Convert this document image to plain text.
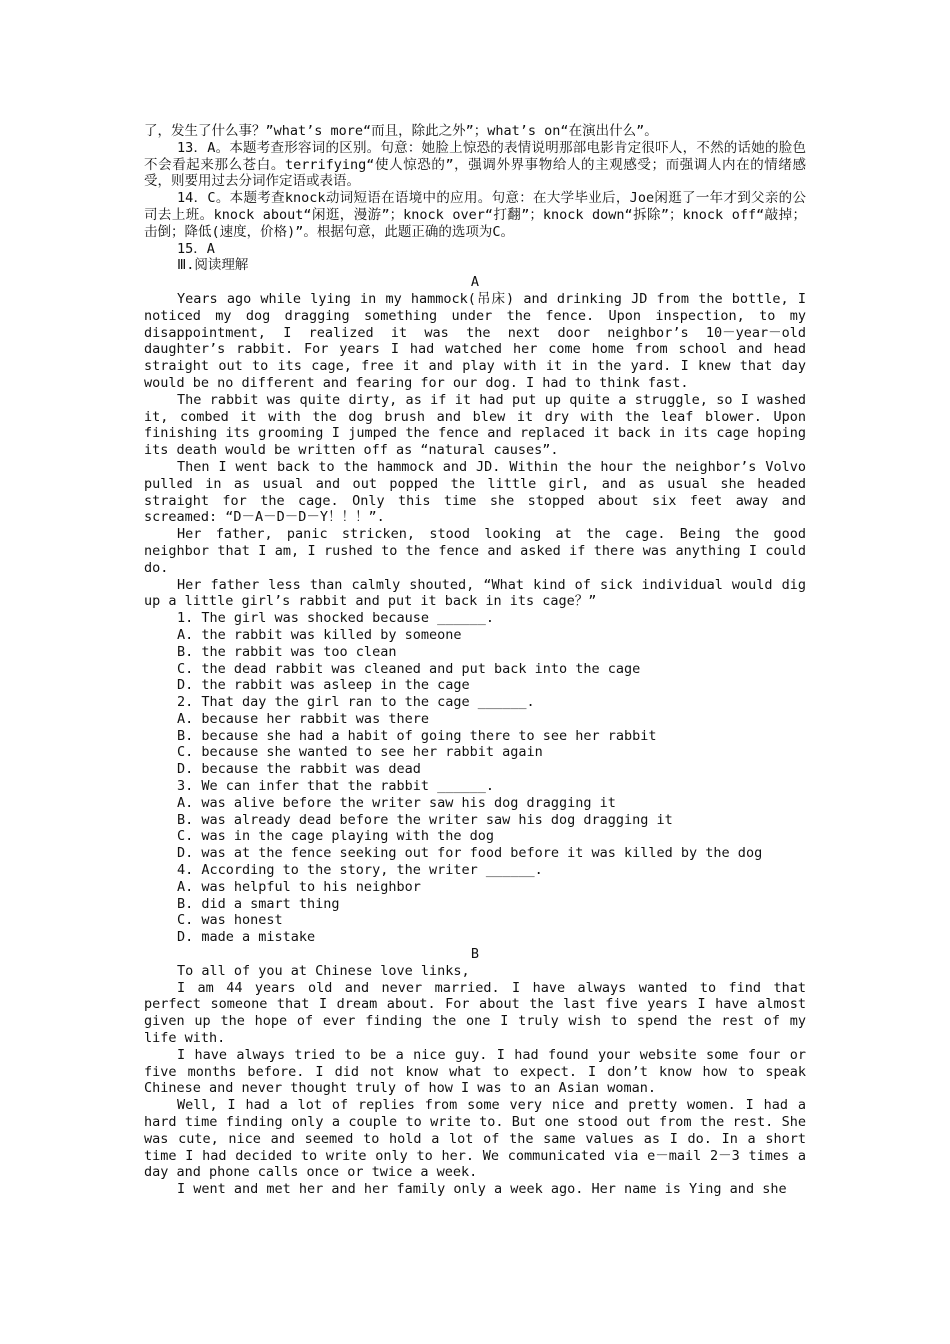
了，发生了什么事？”what’s more“而且，除此之外”；what’s on“在演出什么”。

13．A。本题考查形容词的区别。句意：她脸上惊恐的表情说明那部电影肯定很吓人，不然的话她的脸色不会看起来那么苍白。terrifying“使人惊恐的”，强调外界事物给人的主观感受；而强调人内在的情绪感受，则要用过去分词作定语或表语。

14．C。本题考查knock动词短语在语境中的应用。句意：在大学毕业后，Joe闲逛了一年才到父亲的公司去上班。knock about“闲逛，漫游”；knock over“打翻”；knock down“拆除”；knock off“敲掉；击倒；降低(速度，价格)”。根据句意，此题正确的选项为C。

15．A

Ⅲ.阅读理解

A

Years ago while lying in my hammock(吊床) and drinking JD from the bottle, I noticed my dog dragging something under the fence. Upon inspection, to my disappointment, I realized it was the next door neighbor’s 10－year－old daughter’s rabbit. For years I had watched her come home from school and head straight out to its cage, free it and play with it in the yard. I knew that day would be no different and fearing for our dog. I had to think fast.

The rabbit was quite dirty, as if it had put up quite a struggle, so I washed it, combed it with the dog brush and blew it dry with the leaf blower. Upon finishing its grooming I jumped the fence and replaced it back in its cage hoping its death would be written off as “natural causes”.

Then I went back to the hammock and JD. Within the hour the neighbor’s Volvo pulled in as usual and out popped the little girl, and as usual she headed straight for the cage. Only this time she stopped about six feet away and screamed: “D－A－D－D－Y！！！”.

Her father, panic stricken, stood looking at the cage. Being the good neighbor that I am, I rushed to the fence and asked if there was anything I could do.

Her father less than calmly shouted, “What kind of sick individual would dig up a little girl’s rabbit and put it back in its cage？”

1. The girl was shocked because ______.
A. the rabbit was killed by someone
B. the rabbit was too clean
C. the dead rabbit was cleaned and put back into the cage
D. the rabbit was asleep in the cage
2. That day the girl ran to the cage ______.
A. because her rabbit was there
B. because she had a habit of going there to see her rabbit
C. because she wanted to see her rabbit again
D. because the rabbit was dead
3. We can infer that the rabbit ______.
A. was alive before the writer saw his dog dragging it
B. was already dead before the writer saw his dog dragging it
C. was in the cage playing with the dog
D. was at the fence seeking out for food before it was killed by the dog
4. According to the story, the writer ______.
A. was helpful to his neighbor
B. did a smart thing
C. was honest
D. made a mistake
B

To all of you at Chinese love links,

I am 44 years old and never married. I have always wanted to find that perfect someone that I dream about. For about the last five years I have almost given up the hope of ever finding the one I truly wish to spend the rest of my life with.

I have always tried to be a nice guy. I had found your website some four or five months before. I did not know what to expect. I don’t know how to speak Chinese and never thought truly of how I was to an Asian woman.

Well, I had a lot of replies from some very nice and pretty women. I had a hard time finding only a couple to write to. But one stood out from the rest. She was cute, nice and seemed to hold a lot of the same values as I do. In a short time I had decided to write only to her. We communicated via e－mail 2－3 times a day and phone calls once or twice a week.

I went and met her and her family only a week ago. Her name is Ying and she
